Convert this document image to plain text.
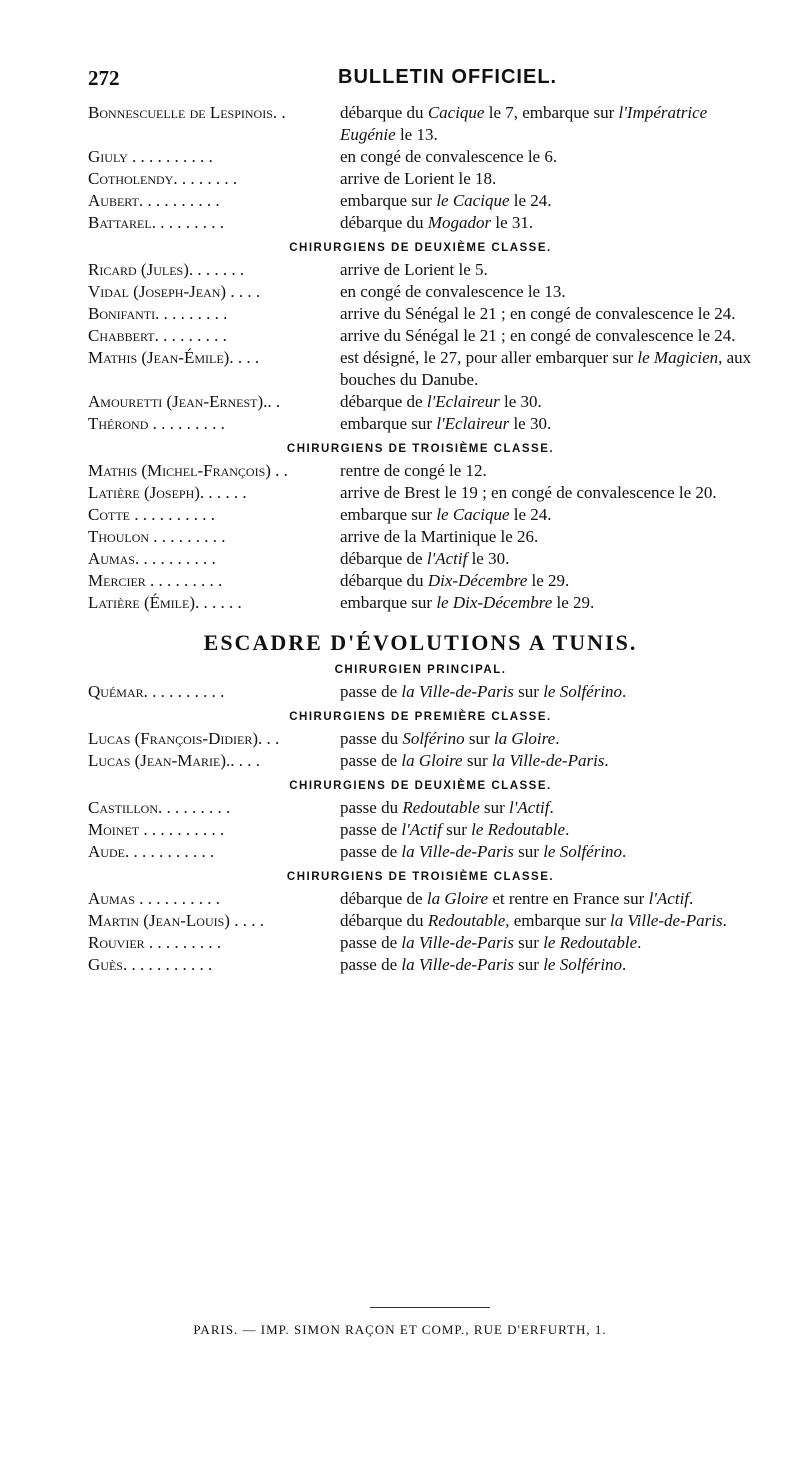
272	BULLETIN OFFICIEL.
Bonnescuelle de Lespinois. .	débarque du Cacique le 7, embarque sur l'Impératrice Eugénie le 13.
Giuly . . . . . . . . . .	en congé de convalescence le 6.
Cotholendy. . . . . . . .	arrive de Lorient le 18.
Aubert. . . . . . . . . .	embarque sur le Cacique le 24.
Battarel. . . . . . . . .	débarque du Mogador le 31.
CHIRURGIENS DE DEUXIÈME CLASSE.
Ricard (Jules). . . . . . .	arrive de Lorient le 5.
Vidal (Joseph-Jean) . . . .	en congé de convalescence le 13.
Bonifanti. . . . . . . . .	arrive du Sénégal le 21 ; en congé de convalescence le 24.
Chabbert. . . . . . . . .	arrive du Sénégal le 21 ; en congé de convalescence le 24.
Mathis (Jean-Émile). . . .	est désigné, le 27, pour aller embarquer sur le Magicien, aux bouches du Danube.
Amouretti (Jean-Ernest).. .	débarque de l'Eclaireur le 30.
Thérond . . . . . . . . .	embarque sur l'Eclaireur le 30.
CHIRURGIENS DE TROISIÈME CLASSE.
Mathis (Michel-François) . .	rentre de congé le 12.
Latière (Joseph). . . . . .	arrive de Brest le 19 ; en congé de convalescence le 20.
Cotte . . . . . . . . . .	embarque sur le Cacique le 24.
Thoulon . . . . . . . . .	arrive de la Martinique le 26.
Aumas. . . . . . . . . .	débarque de l'Actif le 30.
Mercier . . . . . . . . .	débarque du Dix-Décembre le 29.
Latière (Émile). . . . . .	embarque sur le Dix-Décembre le 29.
ESCADRE D'ÉVOLUTIONS A TUNIS.
CHIRURGIEN PRINCIPAL.
Quémar. . . . . . . . . .	passe de la Ville-de-Paris sur le Solférino.
CHIRURGIENS DE PREMIÈRE CLASSE.
Lucas (François-Didier). . .	passe du Solférino sur la Gloire.
Lucas (Jean-Marie).. . . .	passe de la Gloire sur la Ville-de-Paris.
CHIRURGIENS DE DEUXIÈME CLASSE.
Castillon. . . . . . . . .	passe du Redoutable sur l'Actif.
Moinet . . . . . . . . . .	passe de l'Actif sur le Redoutable.
Aude. . . . . . . . . . .	passe de la Ville-de-Paris sur le Solférino.
CHIRURGIENS DE TROISIÈME CLASSE.
Aumas . . . . . . . . . .	débarque de la Gloire et rentre en France sur l'Actif.
Martin (Jean-Louis) . . . .	débarque du Redoutable, embarque sur la Ville-de-Paris.
Rouvier . . . . . . . . .	passe de la Ville-de-Paris sur le Redoutable.
Guès. . . . . . . . . . .	passe de la Ville-de-Paris sur le Solférino.
PARIS. — IMP. SIMON RAÇON ET COMP., RUE D'ERFURTH, 1.
